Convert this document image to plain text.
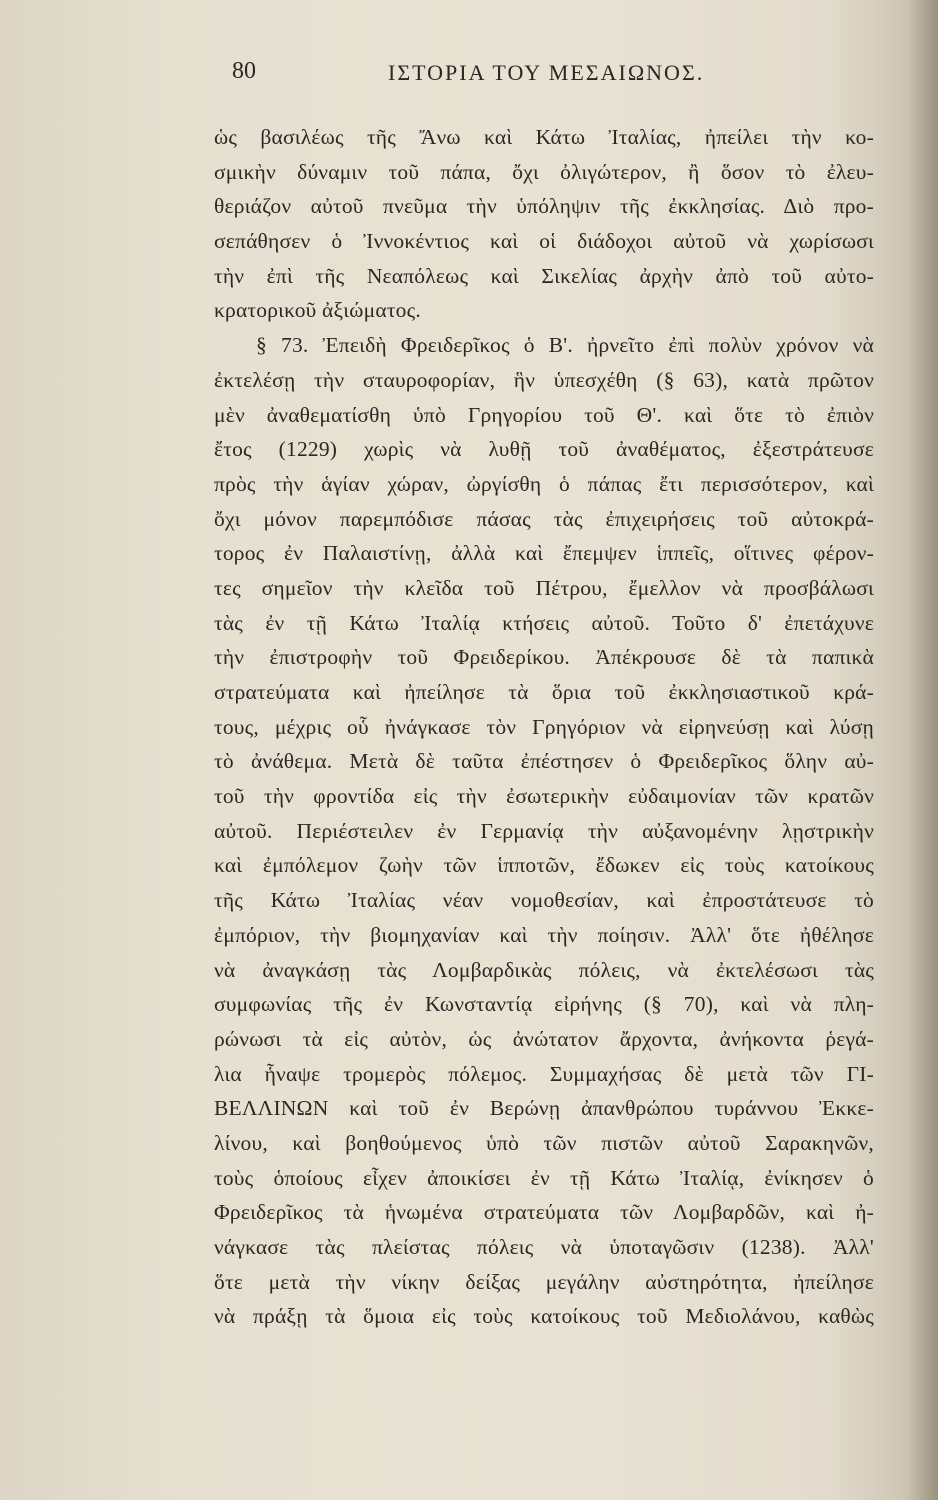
80	ΙΣΤΟΡΙΑ ΤΟΥ ΜΕΣΑΙΩΝΟΣ.
ὡς βασιλέως τῆς Ἄνω καὶ Κάτω Ἰταλίας, ἠπείλει τὴν κο-
σμικὴν δύναμιν τοῦ πάπα, ὄχι ὀλιγώτερον, ἢ ὅσον τὸ ἐλευ-
θεριάζον αὐτοῦ πνεῦμα τὴν ὑπόληψιν τῆς ἐκκλησίας. Διὸ προ-
σεπάθησεν ὁ Ἰννοκέντιος καὶ οἱ διάδοχοι αὐτοῦ νὰ χωρίσωσι
τὴν ἐπὶ τῆς Νεαπόλεως καὶ Σικελίας ἀρχὴν ἀπὸ τοῦ αὐτο-
κρατορικοῦ ἀξιώματος.
§ 73. Ἐπειδὴ Φρειδερῖκος ὁ Β'. ἠρνεῖτο ἐπὶ πολὺν χρόνον νὰ
ἐκτελέσῃ τὴν σταυροφορίαν, ἣν ὑπεσχέθη (§ 63), κατὰ πρῶτον
μὲν ἀναθεματίσθη ὑπὸ Γρηγορίου τοῦ Θ'. καὶ ὅτε τὸ ἐπιὸν
ἔτος (1229) χωρὶς νὰ λυθῇ τοῦ ἀναθέματος, ἐξεστράτευσε
πρὸς τὴν ἁγίαν χώραν, ὠργίσθη ὁ πάπας ἔτι περισσότερον, καὶ
ὄχι μόνον παρεμπόδισε πάσας τὰς ἐπιχειρήσεις τοῦ αὐτοκρά-
τορος ἐν Παλαιστίνῃ, ἀλλὰ καὶ ἔπεμψεν ἱππεῖς, οἵτινες φέρον-
τες σημεῖον τὴν κλεῖδα τοῦ Πέτρου, ἔμελλον νὰ προσβάλωσι
τὰς ἐν τῇ Κάτω Ἰταλίᾳ κτήσεις αὐτοῦ. Τοῦτο δ' ἐπετάχυνε
τὴν ἐπιστροφὴν τοῦ Φρειδερίκου. Ἀπέκρουσε δὲ τὰ παπικὰ
στρατεύματα καὶ ἠπείλησε τὰ ὅρια τοῦ ἐκκλησιαστικοῦ κρά-
τους, μέχρις οὗ ἠνάγκασε τὸν Γρηγόριον νὰ εἰρηνεύσῃ καὶ λύσῃ
τὸ ἀνάθεμα. Μετὰ δὲ ταῦτα ἐπέστησεν ὁ Φρειδερῖκος ὅλην αὐ-
τοῦ τὴν φροντίδα εἰς τὴν ἐσωτερικὴν εὐδαιμονίαν τῶν κρατῶν
αὐτοῦ. Περιέστειλεν ἐν Γερμανίᾳ τὴν αὐξανομένην λῃστρικὴν
καὶ ἐμπόλεμον ζωὴν τῶν ἱπποτῶν, ἔδωκεν εἰς τοὺς κατοίκους
τῆς Κάτω Ἰταλίας νέαν νομοθεσίαν, καὶ ἐπροστάτευσε τὸ
ἐμπόριον, τὴν βιομηχανίαν καὶ τὴν ποίησιν. Ἀλλ' ὅτε ἠθέλησε
νὰ ἀναγκάσῃ τὰς Λομβαρδικὰς πόλεις, νὰ ἐκτελέσωσι τὰς
συμφωνίας τῆς ἐν Κωνσταντίᾳ εἰρήνης (§ 70), καὶ νὰ πλη-
ρώνωσι τὰ εἰς αὐτὸν, ὡς ἀνώτατον ἄρχοντα, ἀνήκοντα ῥεγά-
λια ἧναψε τρομερὸς πόλεμος. Συμμαχήσας δὲ μετὰ τῶν ΓΙ-
ΒΕΛΛΙΝΩΝ καὶ τοῦ ἐν Βερώνῃ ἀπανθρώπου τυράννου Ἐκκε-
λίνου, καὶ βοηθούμενος ὑπὸ τῶν πιστῶν αὐτοῦ Σαρακηνῶν,
τοὺς ὁποίους εἶχεν ἀποικίσει ἐν τῇ Κάτω Ἰταλίᾳ, ἐνίκησεν ὁ
Φρειδερῖκος τὰ ἡνωμένα στρατεύματα τῶν Λομβαρδῶν, καὶ ἠ-
νάγκασε τὰς πλείστας πόλεις νὰ ὑποταγῶσιν (1238). Ἀλλ'
ὅτε μετὰ τὴν νίκην δείξας μεγάλην αὐστηρότητα, ἠπείλησε
νὰ πράξῃ τὰ ὅμοια εἰς τοὺς κατοίκους τοῦ Μεδιολάνου, καθὼς
